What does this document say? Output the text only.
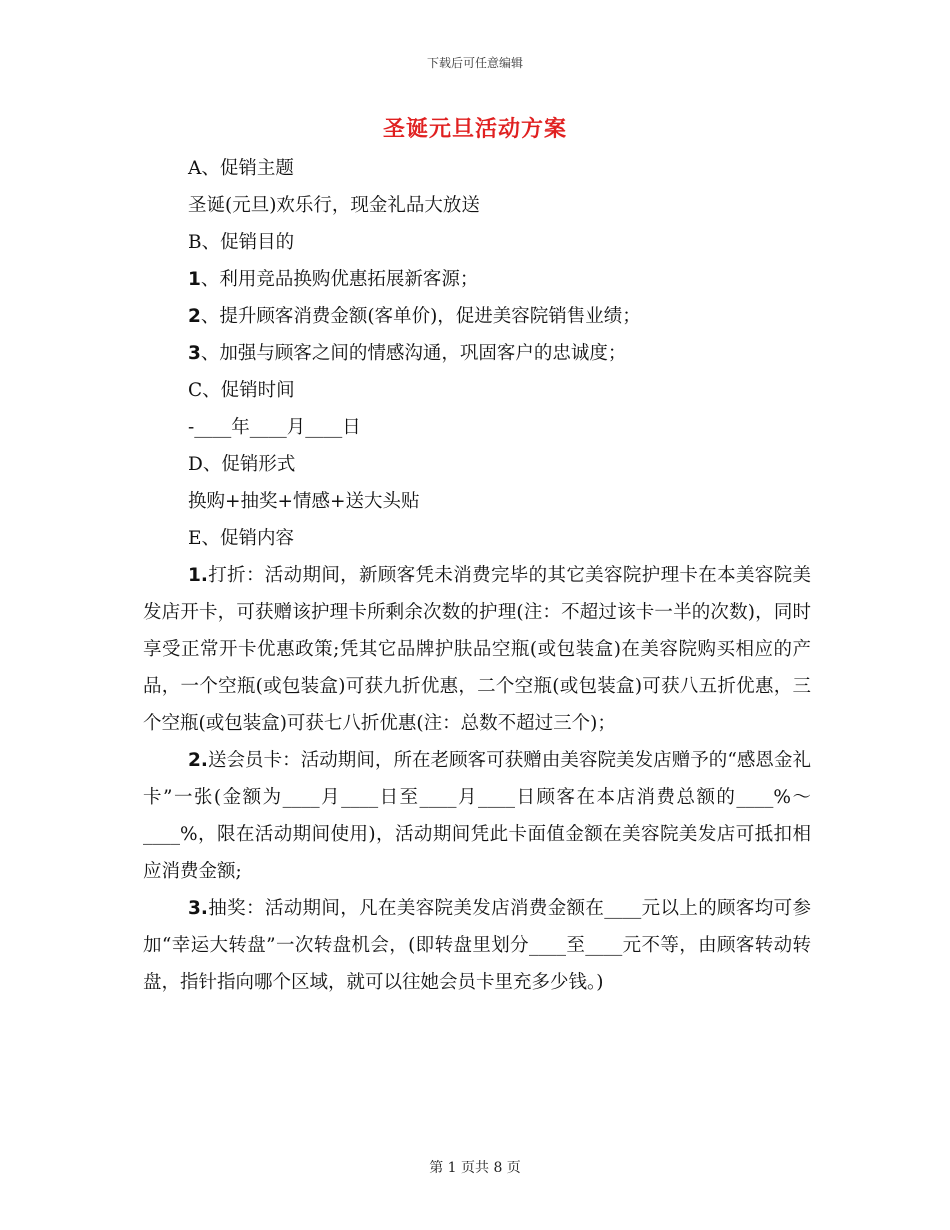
下载后可任意编辑
圣诞元旦活动方案

A、促销主题

圣诞(元旦)欢乐行，现金礼品大放送

B、促销目的

1、利用竞品换购优惠拓展新客源；

2、提升顾客消费金额(客单价)，促进美容院销售业绩；

3、加强与顾客之间的情感沟通，巩固客户的忠诚度；

C、促销时间

-____年____月____日

D、促销形式

换购+抽奖+情感+送大头贴

E、促销内容

1.打折：活动期间，新顾客凭未消费完毕的其它美容院护理卡在本美容院美发店开卡，可获赠该护理卡所剩余次数的护理(注：不超过该卡一半的次数)，同时享受正常开卡优惠政策;凭其它品牌护肤品空瓶(或包装盒)在美容院购买相应的产品，一个空瓶(或包装盒)可获九折优惠，二个空瓶(或包装盒)可获八五折优惠，三个空瓶(或包装盒)可获七八折优惠(注：总数不超过三个)；

2.送会员卡：活动期间，所在老顾客可获赠由美容院美发店赠予的“感恩金礼卡”一张(金额为____月____日至____月____日顾客在本店消费总额的____%～____%，限在活动期间使用)，活动期间凭此卡面值金额在美容院美发店可抵扣相应消费金额;

3.抽奖：活动期间，凡在美容院美发店消费金额在____元以上的顾客均可参加“幸运大转盘”一次转盘机会，(即转盘里划分____至____元不等，由顾客转动转盘，指针指向哪个区域，就可以往她会员卡里充多少钱。)

第 1 页共 8 页
